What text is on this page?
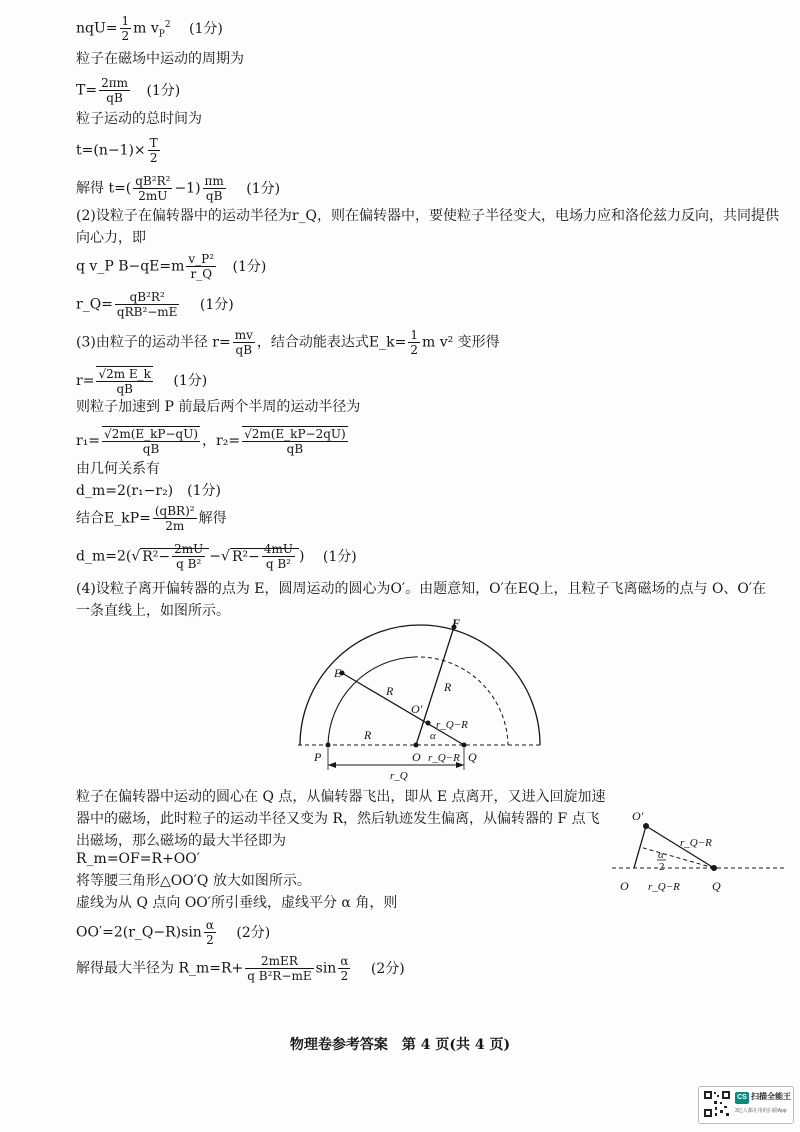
$nqU= \frac{1}{2}$ m $v_P^2$ (1分)
粒子在磁场中运动的周期为
$T= \frac{2\pi m}{qB} (1$分)
粒子运动的总时间为
$t=(n-1)\times \frac{T}{2}$
解得 $t=( \frac{\text{qB²R²}}{2mU} -1) \frac{\pi m}{qB} (1$分)
(2)设粒子在偏转器中的运动半径为r_Q，则在偏转器中，要使粒子半径变大，电场力应和洛伦兹力反向，共同提供向心力，即
q v_P $B-qE=m \frac{\text{v\_P²}}{r\_Q} (1$分)
r_Q=	qB²R²
qRB²−mE (1分)
(3)由粒子的运动半径 $r= \frac{mv}{qB}$ ，结合动能表达式E_k= $\frac{1}{2}$ m v² 变形得
$r= \frac{\text{√2m E\_k}}{qB} (1$分)
则粒子加速到 P 前最后两个半周的运动半径为
$r_1= \frac{√2m(E\_kP-qU)}{qB}$ ，$r_2= \frac{√2m(E\_kP-2qU)}{qB}$
由几何关系有
d_m=2(r₁−r₂) (1分)
结合E_kP= (qBR)²
2m	解得
d_m=2(√ $R^2- \frac{2mU}{\text{q B²}}$ −√ $R^2- \frac{4mU}{\text{q B²}}$ ) (1分)
(4)设粒子离开偏转器的点为 E，圆周运动的圆心为O′。由题意知，O′在EQ上，且粒子飞离磁场的点与 O、O′在一条直线上，如图所示。
F
E
R	R
R
O′
r_Q−R
α
r_Q−R
P	O	Q
r_Q
粒子在偏转器中运动的圆心在 Q 点，从偏转器飞出，即从 E 点离开，又进入回旋加速器中的磁场，此时粒子的运动半径又变为 R，然后轨迹发生偏离，从偏转器的 F 点飞出磁场，那么磁场的最大半径即为
R_m=OF=R+OO′
将等腰三角形△OO′Q 放大如图所示。
虚线为从 Q 点向 OO′所引垂线，虚线平分 α 角，则
OO′=2(r_Q−R)sin $\frac{\alpha}{2} (2$分)
解得最大半径为 R_m=R+	2mER
q B²R−mE $\sin \frac{\alpha}{2} (2$分)
O′
r_Q−R
α
2
O r_Q−R	Q
物理卷参考答案　第 4 页(共 4 页)
CS 扫描全能王
3亿人都在用的扫描App
